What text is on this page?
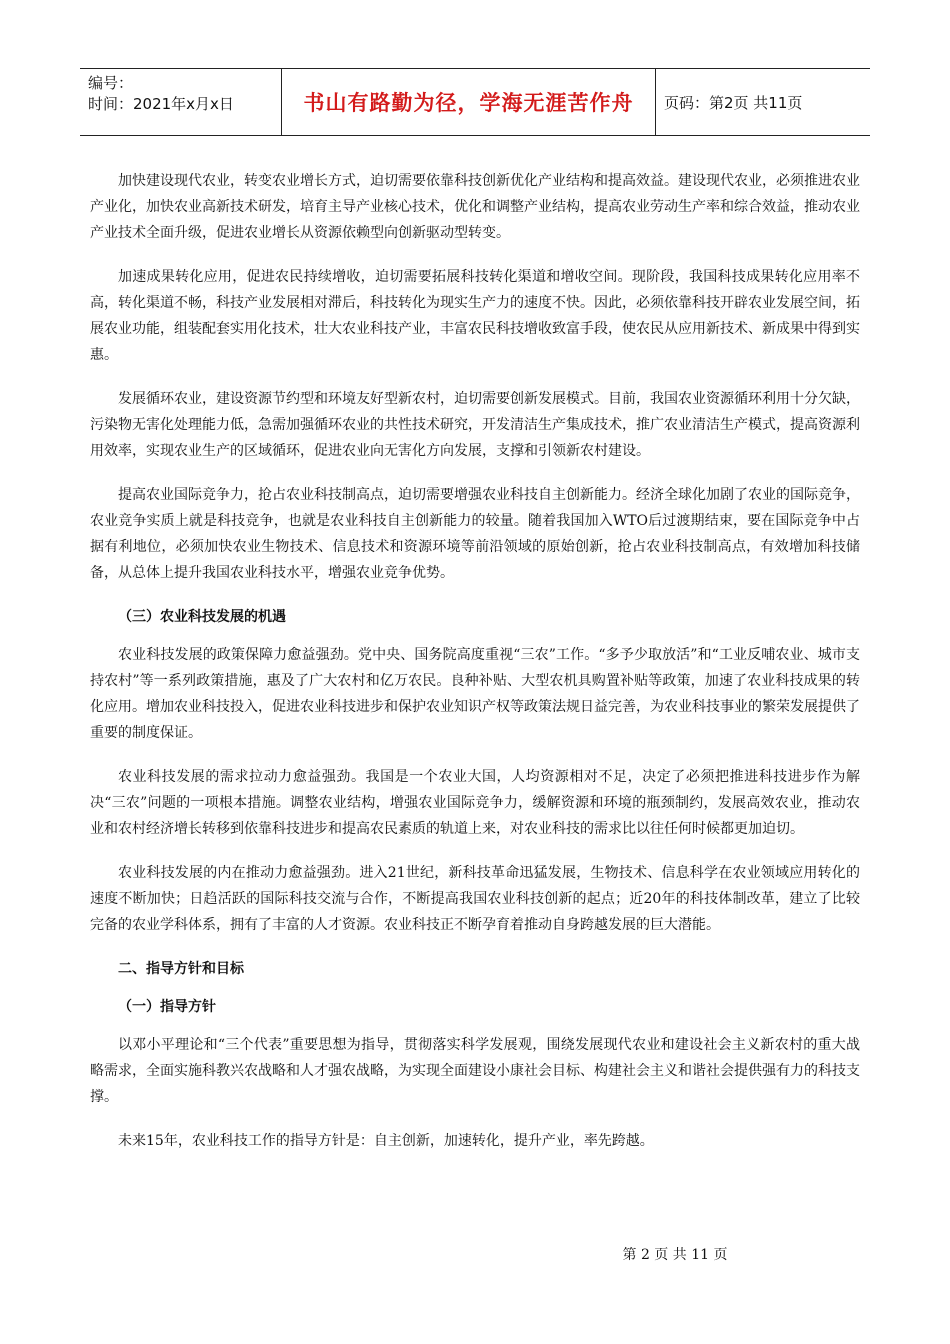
编号：
时间：2021年x月x日	书山有路勤为径，学海无涯苦作舟 页码：第2页 共11页

加快建设现代农业，转变农业增长方式，迫切需要依靠科技创新优化产业结构和提高效益。建设现代农业，必须推进农业产业化，加快农业高新技术研发，培育主导产业核心技术，优化和调整产业结构，提高农业劳动生产率和综合效益，推动农业产业技术全面升级，促进农业增长从资源依赖型向创新驱动型转变。

加速成果转化应用，促进农民持续增收，迫切需要拓展科技转化渠道和增收空间。现阶段，我国科技成果转化应用率不高，转化渠道不畅，科技产业发展相对滞后，科技转化为现实生产力的速度不快。因此，必须依靠科技开辟农业发展空间，拓展农业功能，组装配套实用化技术，壮大农业科技产业，丰富农民科技增收致富手段，使农民从应用新技术、新成果中得到实惠。

发展循环农业，建设资源节约型和环境友好型新农村，迫切需要创新发展模式。目前，我国农业资源循环利用十分欠缺，污染物无害化处理能力低，急需加强循环农业的共性技术研究，开发清洁生产集成技术，推广农业清洁生产模式，提高资源利用效率，实现农业生产的区域循环，促进农业向无害化方向发展，支撑和引领新农村建设。

提高农业国际竞争力，抢占农业科技制高点，迫切需要增强农业科技自主创新能力。经济全球化加剧了农业的国际竞争，农业竞争实质上就是科技竞争，也就是农业科技自主创新能力的较量。随着我国加入WTO后过渡期结束，要在国际竞争中占据有利地位，必须加快农业生物技术、信息技术和资源环境等前沿领域的原始创新，抢占农业科技制高点，有效增加科技储备，从总体上提升我国农业科技水平，增强农业竞争优势。

（三）农业科技发展的机遇

农业科技发展的政策保障力愈益强劲。党中央、国务院高度重视“三农”工作。“多予少取放活”和“工业反哺农业、城市支持农村”等一系列政策措施，惠及了广大农村和亿万农民。良种补贴、大型农机具购置补贴等政策，加速了农业科技成果的转化应用。增加农业科技投入，促进农业科技进步和保护农业知识产权等政策法规日益完善，为农业科技事业的繁荣发展提供了重要的制度保证。

农业科技发展的需求拉动力愈益强劲。我国是一个农业大国，人均资源相对不足，决定了必须把推进科技进步作为解决“三农”问题的一项根本措施。调整农业结构，增强农业国际竞争力，缓解资源和环境的瓶颈制约，发展高效农业，推动农业和农村经济增长转移到依靠科技进步和提高农民素质的轨道上来，对农业科技的需求比以往任何时候都更加迫切。

农业科技发展的内在推动力愈益强劲。进入21世纪，新科技革命迅猛发展，生物技术、信息科学在农业领域应用转化的速度不断加快；日趋活跃的国际科技交流与合作，不断提高我国农业科技创新的起点；近20年的科技体制改革，建立了比较完备的农业学科体系，拥有了丰富的人才资源。农业科技正不断孕育着推动自身跨越发展的巨大潜能。

二、指导方针和目标
（一）指导方针

以邓小平理论和“三个代表”重要思想为指导，贯彻落实科学发展观，围绕发展现代农业和建设社会主义新农村的重大战略需求，全面实施科教兴农战略和人才强农战略，为实现全面建设小康社会目标、构建社会主义和谐社会提供强有力的科技支撑。

未来15年，农业科技工作的指导方针是：自主创新，加速转化，提升产业，率先跨越。

第 2 页 共 11 页
